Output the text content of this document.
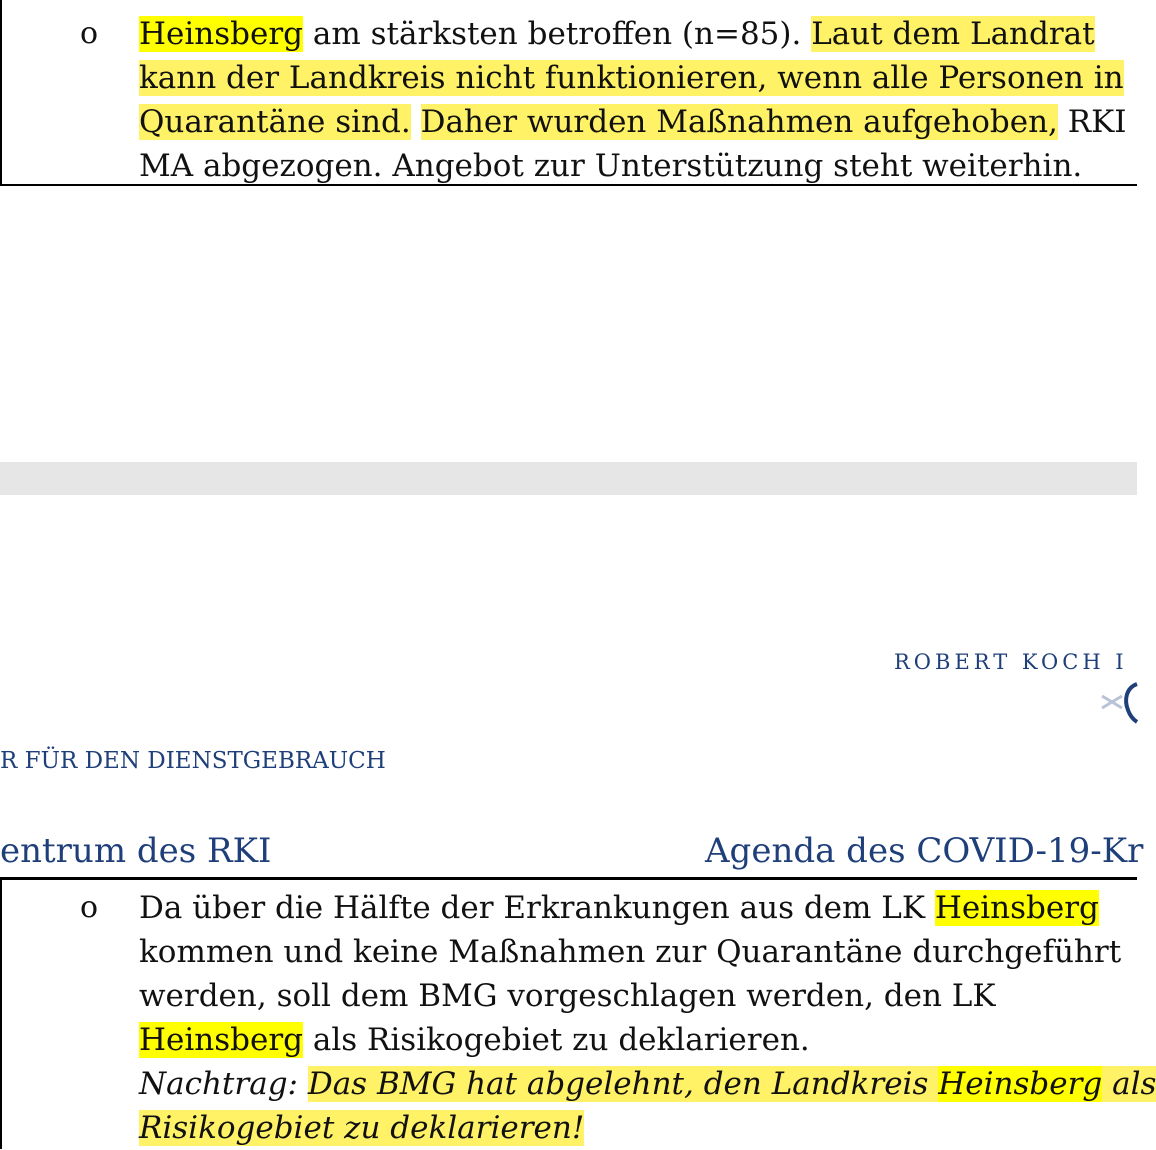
o Heinsberg am stärksten betroffen (n=85). Laut dem Landrat
kann der Landkreis nicht funktionieren, wenn alle Personen in
Quarantäne sind. Daher wurden Maßnahmen aufgehoben, RKI
MA abgezogen. Angebot zur Unterstützung steht weiterhin.
ROBERT KOCH I
R FÜR DEN DIENSTGEBRAUCH
entrum des RKI	Agenda des COVID-19-Kr
o Da über die Hälfte der Erkrankungen aus dem LK Heinsberg
kommen und keine Maßnahmen zur Quarantäne durchgeführt
werden, soll dem BMG vorgeschlagen werden, den LK
Heinsberg als Risikogebiet zu deklarieren.
Nachtrag: Das BMG hat abgelehnt, den Landkreis Heinsberg als
Risikogebiet zu deklarieren!
